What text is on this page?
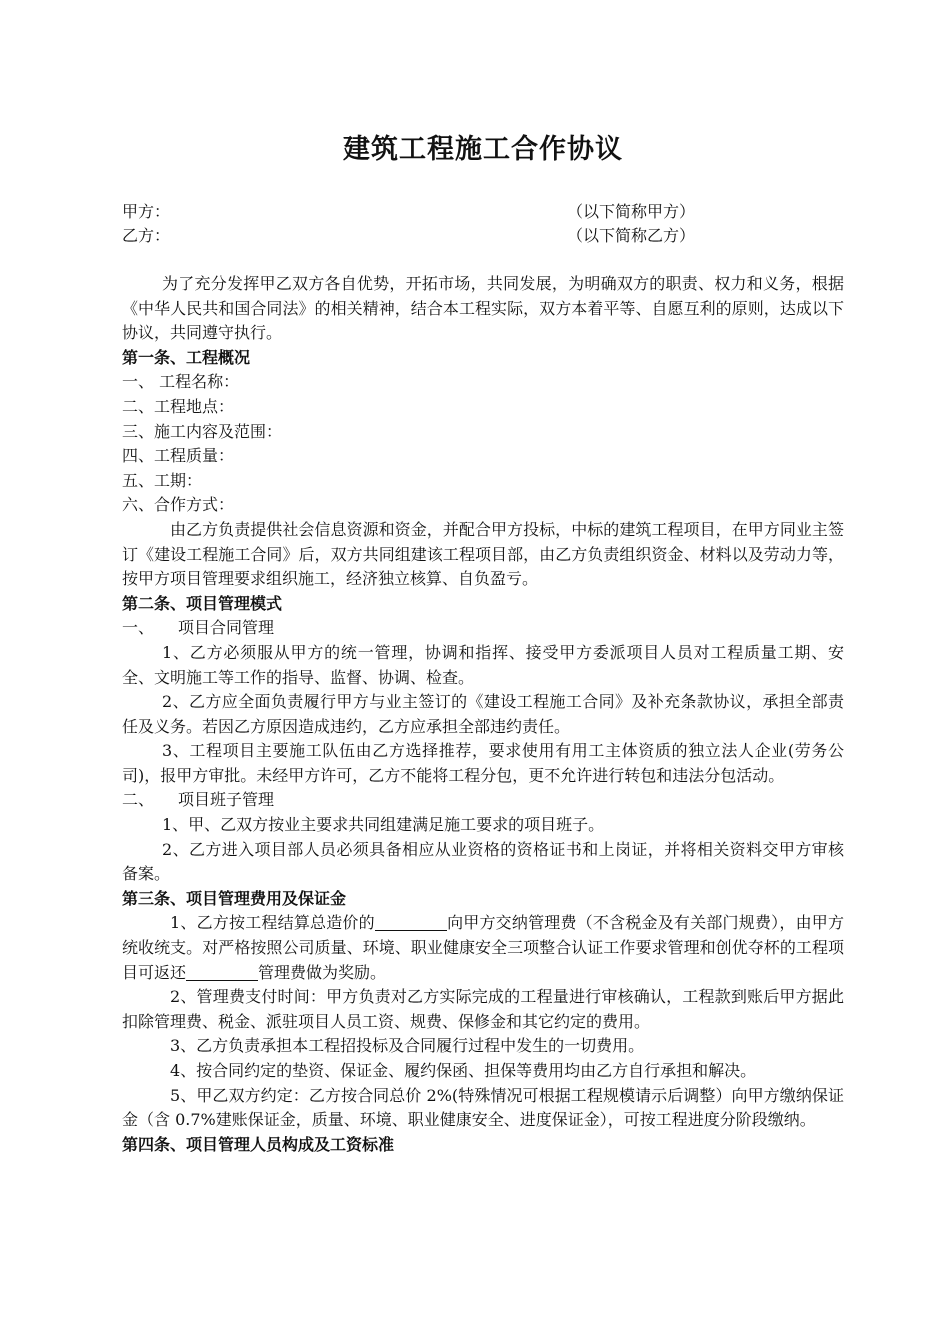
建筑工程施工合作协议
甲方：	（以下简称甲方）
乙方：	（以下简称乙方）

为了充分发挥甲乙双方各自优势，开拓市场，共同发展，为明确双方的职责、权力和义务，根据《中华人民共和国合同法》的相关精神，结合本工程实际，双方本着平等、自愿互利的原则，达成以下协议，共同遵守执行。

第一条、工程概况

一、 工程名称：

二、工程地点：

三、施工内容及范围：

四、工程质量：

五、工期：

六、合作方式：

由乙方负责提供社会信息资源和资金，并配合甲方投标，中标的建筑工程项目，在甲方同业主签订《建设工程施工合同》后，双方共同组建该工程项目部，由乙方负责组织资金、材料以及劳动力等，按甲方项目管理要求组织施工，经济独立核算、自负盈亏。

第二条、项目管理模式

一、　　项目合同管理

1、乙方必须服从甲方的统一管理，协调和指挥、接受甲方委派项目人员对工程质量工期、安全、文明施工等工作的指导、监督、协调、检查。

2、乙方应全面负责履行甲方与业主签订的《建设工程施工合同》及补充条款协议，承担全部责任及义务。若因乙方原因造成违约，乙方应承担全部违约责任。

3、工程项目主要施工队伍由乙方选择推荐，要求使用有用工主体资质的独立法人企业(劳务公司)，报甲方审批。未经甲方许可，乙方不能将工程分包，更不允许进行转包和违法分包活动。

二、　　项目班子管理

1、甲、乙双方按业主要求共同组建满足施工要求的项目班子。

2、乙方进入项目部人员必须具备相应从业资格的资格证书和上岗证，并将相关资料交甲方审核备案。

第三条、项目管理费用及保证金

1、乙方按工程结算总造价的	向甲方交纳管理费（不含税金及有关部门规费），由甲方统收统支。对严格按照公司质量、环境、职业健康安全三项整合认证工作要求管理和创优夺杯的工程项目可返还	管理费做为奖励。

2、管理费支付时间：甲方负责对乙方实际完成的工程量进行审核确认，工程款到账后甲方据此扣除管理费、税金、派驻项目人员工资、规费、保修金和其它约定的费用。

3、乙方负责承担本工程招投标及合同履行过程中发生的一切费用。

4、按合同约定的垫资、保证金、履约保函、担保等费用均由乙方自行承担和解决。

5、甲乙双方约定：乙方按合同总价 2%(特殊情况可根据工程规模请示后调整）向甲方缴纳保证金（含 0.7%建账保证金，质量、环境、职业健康安全、进度保证金），可按工程进度分阶段缴纳。

第四条、项目管理人员构成及工资标准
